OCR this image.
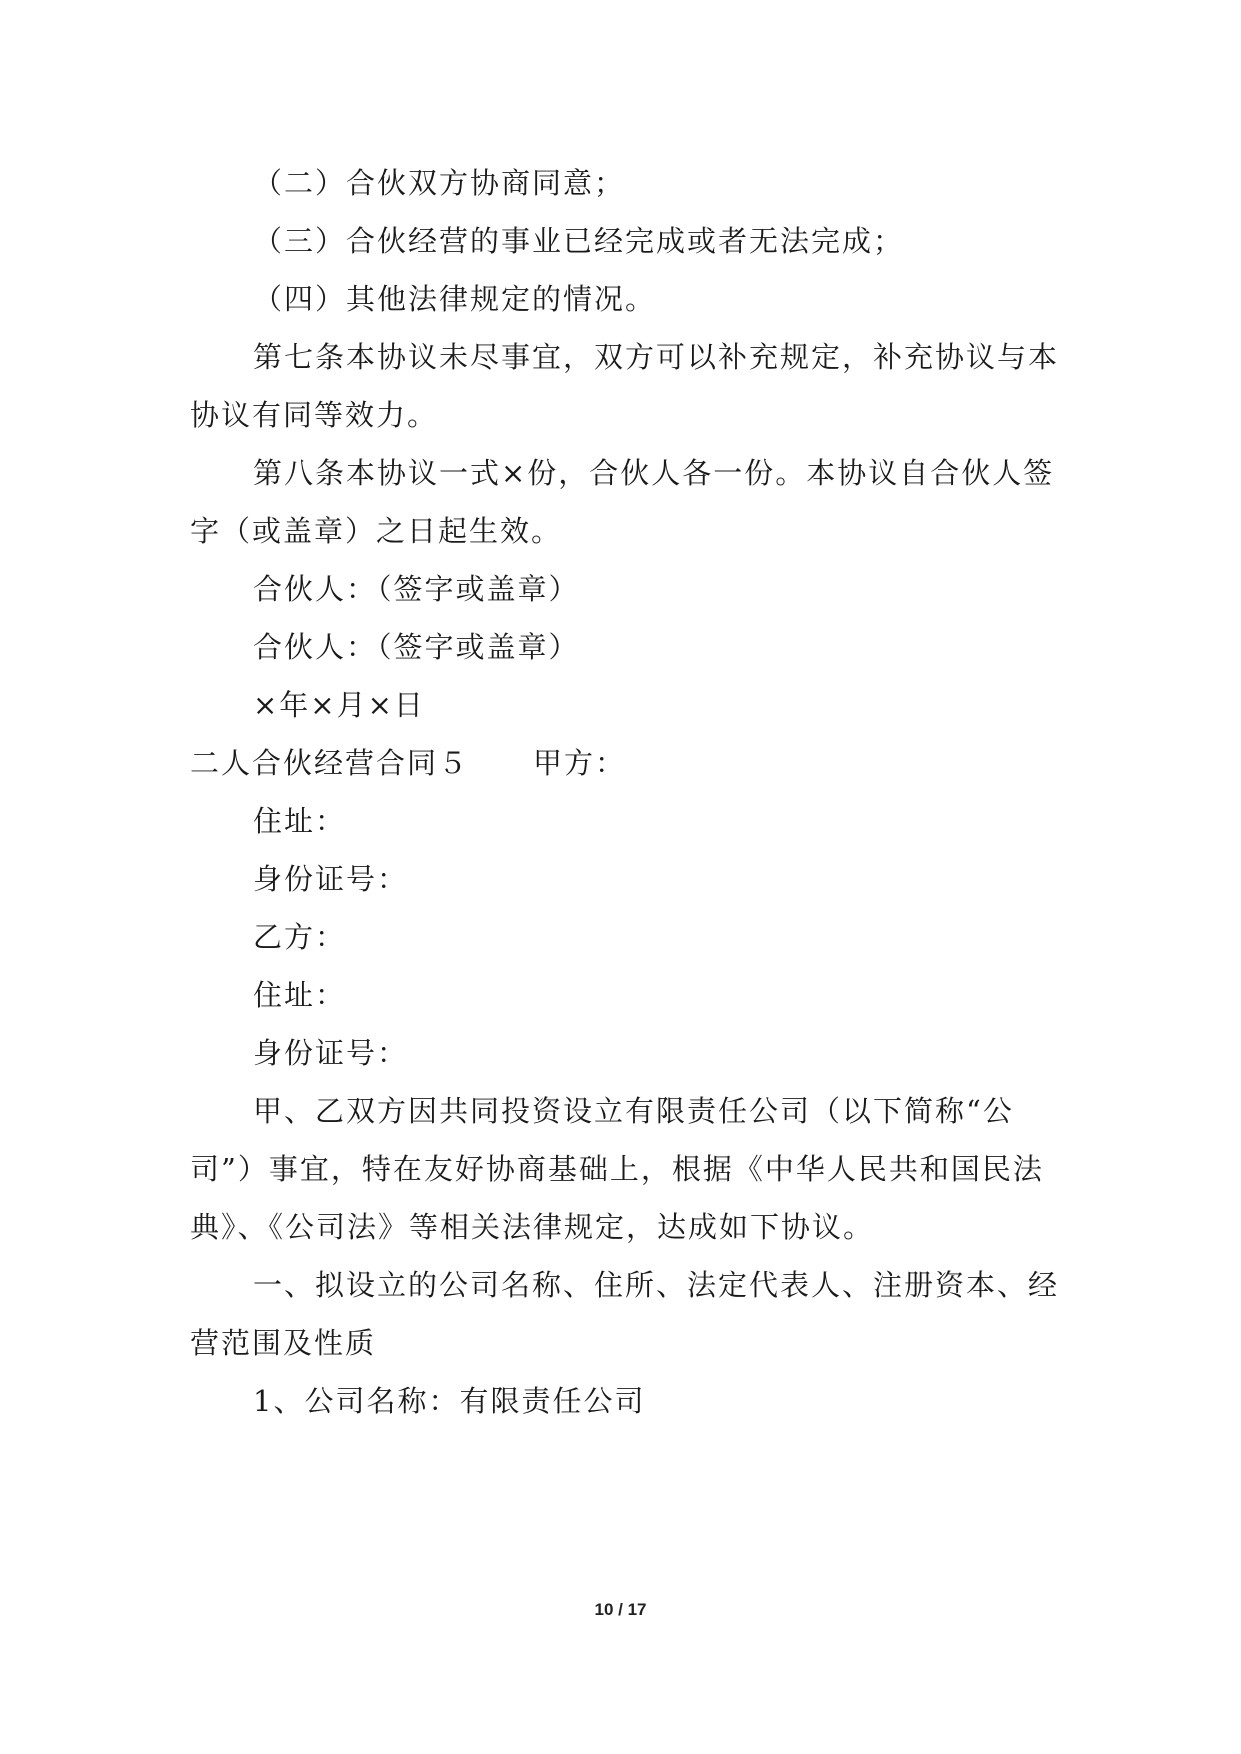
（二）合伙双方协商同意；
（三）合伙经营的事业已经完成或者无法完成；
（四）其他法律规定的情况。
第七条本协议未尽事宜，双方可以补充规定，补充协议与本
协议有同等效力。
第八条本协议一式×份，合伙人各一份。本协议自合伙人签
字（或盖章）之日起生效。
合伙人：（签字或盖章）
合伙人：（签字或盖章）
×年×月×日
二人合伙经营合同５ 甲方：
住址：
身份证号：
乙方：
住址：
身份证号：
甲、乙双方因共同投资设立有限责任公司（以下简称“公
司”）事宜，特在友好协商基础上，根据《中华人民共和国民法
典》、《公司法》等相关法律规定，达成如下协议。
一、拟设立的公司名称、住所、法定代表人、注册资本、经
营范围及性质
1、公司名称：有限责任公司
10 / 17
